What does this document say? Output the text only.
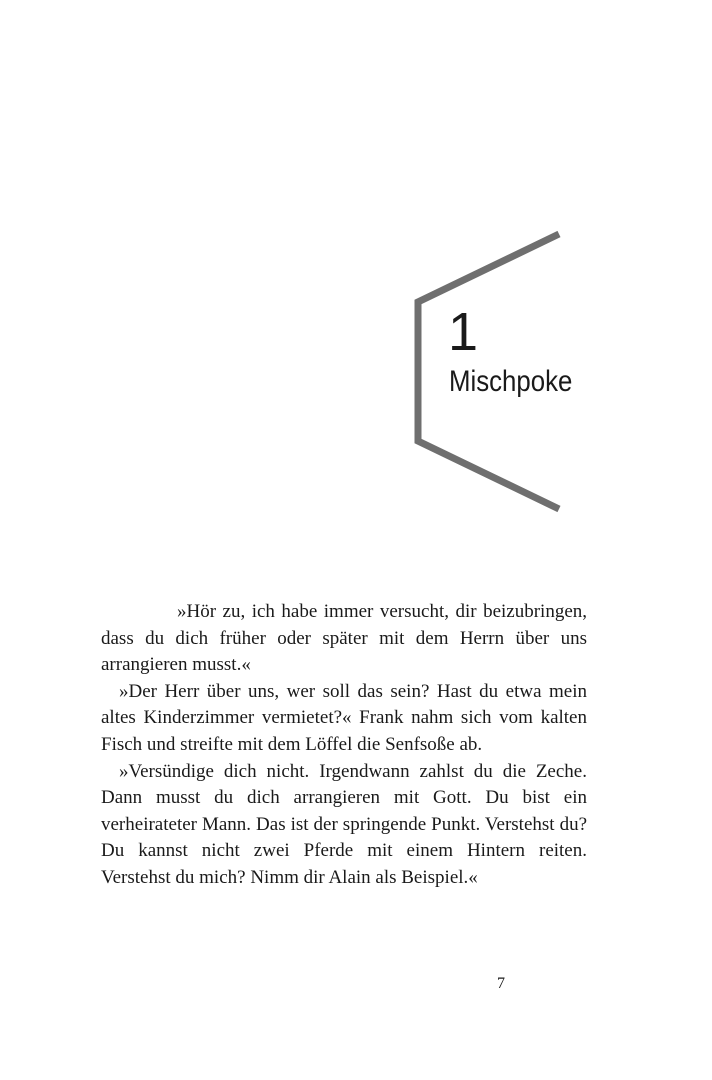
1
Mischpoke

»Hör zu, ich habe immer versucht, dir beizubringen, dass du dich früher oder später mit dem Herrn über uns arrangieren musst.«

»Der Herr über uns, wer soll das sein? Hast du etwa mein altes Kinderzimmer vermietet?« Frank nahm sich vom kalten Fisch und streifte mit dem Löffel die Senfsoße ab.

»Versündige dich nicht. Irgendwann zahlst du die Zeche. Dann musst du dich arrangieren mit Gott. Du bist ein verheirateter Mann. Das ist der springende Punkt. Verstehst du? Du kannst nicht zwei Pferde mit einem Hintern reiten. Verstehst du mich? Nimm dir Alain als Beispiel.«

7
